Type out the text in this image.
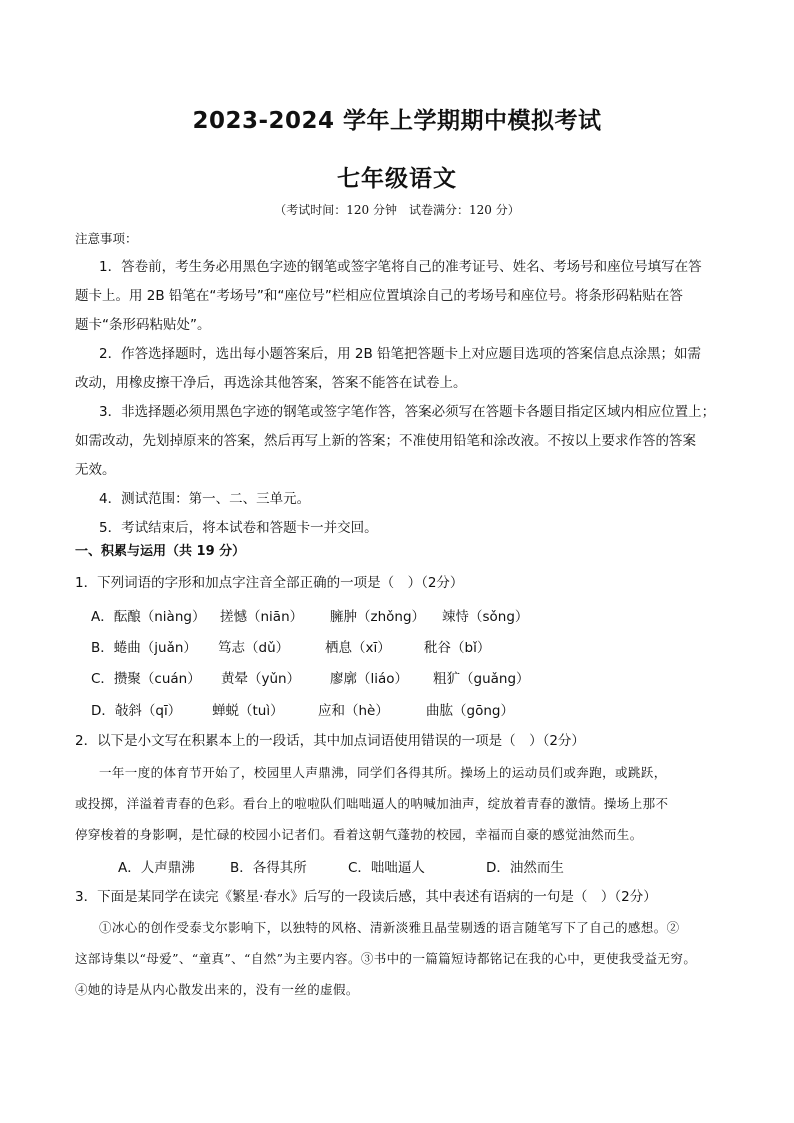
2023-2024 学年上学期期中模拟考试
七年级语文
（考试时间：120 分钟　试卷满分：120 分）
注意事项：
1．答卷前，考生务必用黑色字迹的钢笔或签字笔将自己的准考证号、姓名、考场号和座位号填写在答
题卡上。用 2B 铅笔在“考场号”和“座位号”栏相应位置填涂自己的考场号和座位号。将条形码粘贴在答
题卡“条形码粘贴处”。
2．作答选择题时，选出每小题答案后，用 2B 铅笔把答题卡上对应题目选项的答案信息点涂黑；如需
改动，用橡皮擦干净后，再选涂其他答案，答案不能答在试卷上。
3．非选择题必须用黑色字迹的钢笔或签字笔作答，答案必须写在答题卡各题目指定区域内相应位置上；
如需改动，先划掉原来的答案，然后再写上新的答案；不准使用铅笔和涂改液。不按以上要求作答的答案
无效。
4．测试范围：第一、二、三单元。
5．考试结束后，将本试卷和答题卡一并交回。
一、积累与运用（共 19 分）
1．下列词语的字形和加点字注音全部正确的一项是（　）（2分）
A．酝酿（niàng） 搓憾（niān） 臃肿（zhǒng） 竦恃（sǒng）
B．蜷曲（juǎn） 笃志（dǔ）	栖息（xī） 秕谷（bǐ）
C．攒聚（cuán） 黄晕（yǔn） 廖廓（liáo） 粗犷（guǎng）
D．敧斜（qī） 蝉蜕（tuì）	应和（hè）	曲肱（gōng）
2．以下是小文写在积累本上的一段话，其中加点词语使用错误的一项是（　）（2分）
一年一度的体育节开始了，校园里人声鼎沸，同学们各得其所。操场上的运动员们或奔跑，或跳跃，
或投掷，洋溢着青春的色彩。看台上的啦啦队们咄咄逼人的呐喊加油声，绽放着青春的激情。操场上那不
停穿梭着的身影啊，是忙碌的校园小记者们。看着这朝气蓬勃的校园，幸福而自豪的感觉油然而生。
A．人声鼎沸	B．各得其所	C．咄咄逼人	D．油然而生
3．下面是某同学在读完《繁星·春水》后写的一段读后感，其中表述有语病的一句是（　）（2分）
①冰心的创作受泰戈尔影响下，以独特的风格、清新淡雅且晶莹剔透的语言随笔写下了自己的感想。②
这部诗集以“母爱”、“童真”、“自然”为主要内容。③书中的一篇篇短诗都铭记在我的心中，更使我受益无穷。
④她的诗是从内心散发出来的，没有一丝的虚假。
